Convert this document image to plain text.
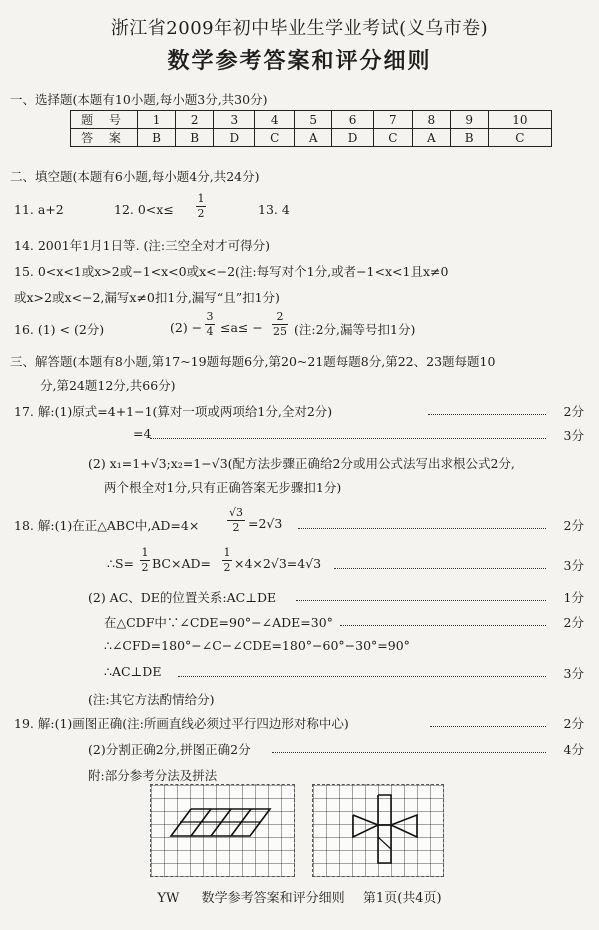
浙江省2009年初中毕业生学业考试(义乌市卷)
数学参考答案和评分细则
一、选择题(本题有10小题,每小题3分,共30分)
题 号	1	2	3	4	5	6	7	8	9	10
答 案	B	B	D	C	A	D	C	A	B	C
二、填空题(本题有6小题,每小题4分,共24分)
11. a+2	12. $0<x\le \frac{1}{2}$	13. 4
14. 2001年1月1日等. (注:三空全对才可得分)
15. 0<x<1或x>2或−1<x<0或x<−2(注:每写对个1分,或者−1<x<1且x≠0
或x>2或x<−2,漏写x≠0扣1分,漏写“且”扣1分)
16. (1) < (2分)	$(2) - \frac{3}{4} \le a\le - \frac{2}{25}$ (注:2分,漏等号扣1分)
三、解答题(本题有8小题,第17~19题每题6分,第20~21题每题8分,第22、23题每题10
分,第24题12分,共66分)
17. 解:(1)原式=4+1−1(算对一项或两项给1分,全对2分)	2分
=4	3分
(2) x₁=1+√3;x₂=1−√3(配方法步骤正确给2分或用公式法写出求根公式2分,
两个根全对1分,只有正确答案无步骤扣1分)
18. 解:(1)在正△ABC中,AD=4×	$\frac{√3}{2} =2√3$	2分
∴S= $\frac{1}{2} BC\times AD= \frac{1}{2} \times 4\times 2√3=4√3$	3分
(2) AC、DE的位置关系:AC⊥DE	1分
在△CDF中∵∠CDE=90°−∠ADE=30°	2分
∴∠CFD=180°−∠C−∠CDE=180°−60°−30°=90°
∴AC⊥DE	3分
(注:其它方法酌情给分)
19. 解:(1)画图正确(注:所画直线必须过平行四边形对称中心)	2分
(2)分割正确2分,拼图正确2分	4分
附:部分参考分法及拼法
YW 数学参考答案和评分细则 第1页(共4页)
